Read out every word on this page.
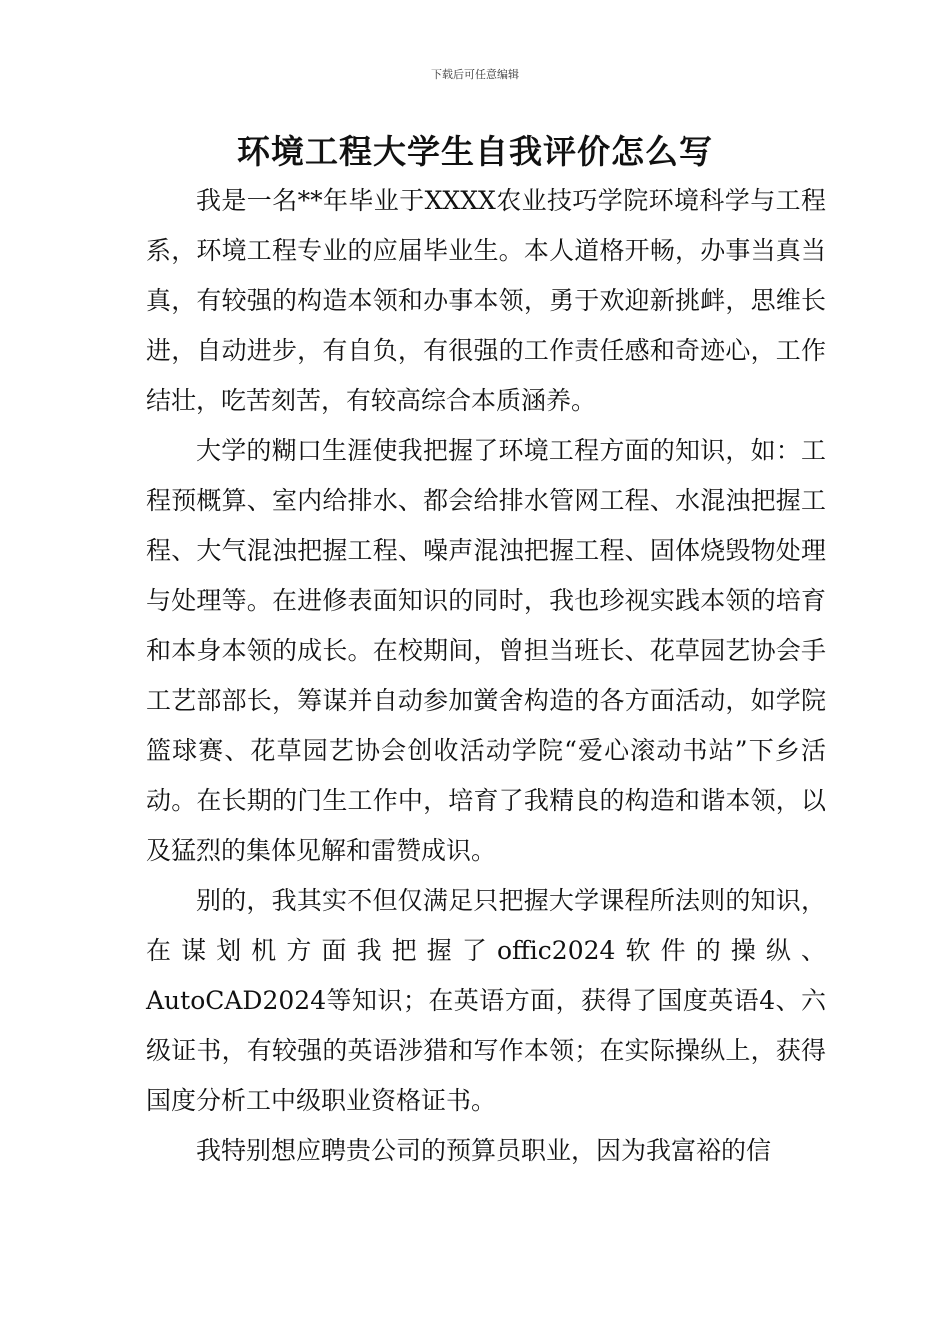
下载后可任意编辑
环境工程大学生自我评价怎么写

我是一名**年毕业于XXXX农业技巧学院环境科学与工程系，环境工程专业的应届毕业生。本人道格开畅，办事当真当真，有较强的构造本领和办事本领，勇于欢迎新挑衅，思维长进，自动进步，有自负，有很强的工作责任感和奇迹心，工作结壮，吃苦刻苦，有较高综合本质涵养。

大学的糊口生涯使我把握了环境工程方面的知识，如：工程预概算、室内给排水、都会给排水管网工程、水混浊把握工程、大气混浊把握工程、噪声混浊把握工程、固体烧毁物处理与处理等。在进修表面知识的同时，我也珍视实践本领的培育和本身本领的成长。在校期间，曾担当班长、花草园艺协会手工艺部部长，筹谋并自动参加黉舍构造的各方面活动，如学院篮球赛、花草园艺协会创收活动学院“爱心滚动书站”下乡活动。在长期的门生工作中，培育了我精良的构造和谐本领，以及猛烈的集体见解和雷赞成识。

别的，我其实不但仅满足只把握大学课程所法则的知识，在谋划机方面我把握了offic2024软件的操纵、AutoCAD2024等知识；在英语方面，获得了国度英语4、六级证书，有较强的英语涉猎和写作本领；在实际操纵上，获得国度分析工中级职业资格证书。

我特别想应聘贵公司的预算员职业，因为我富裕的信
